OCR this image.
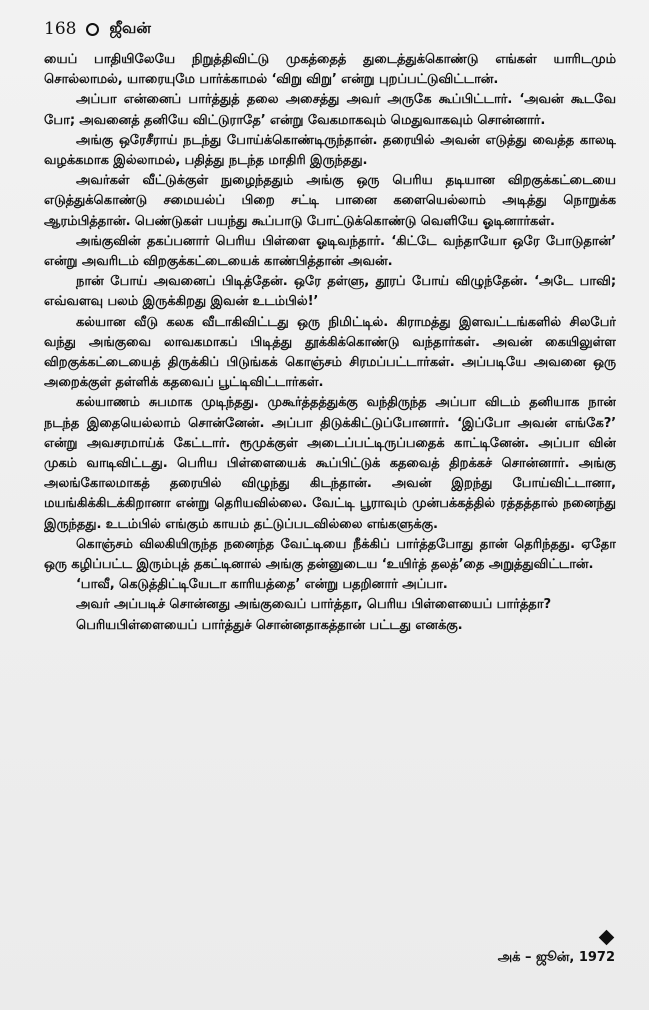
168 ஜீவன்

யைப் பாதியிலேயே நிறுத்திவிட்டு முகத்தைத் துடைத்துக்கொண்டு எங்கள் யாரிடமும் சொல்லாமல், யாரையுமே பார்க்காமல் ‘விறு விறு’ என்று புறப்பட்டுவிட்டான்.

அப்பா என்னைப் பார்த்துத் தலை அசைத்து அவர் அருகே கூப்பிட்டார். ‘அவன் கூடவே போ; அவனைத் தனியே விட்டுராதே’ என்று வேகமாகவும் மெதுவாகவும் சொன்னார்.

அங்கு ஒரேசீராய் நடந்து போய்க்கொண்டிருந்தான். தரையில் அவன் எடுத்து வைத்த காலடி வழக்கமாக இல்லாமல், பதித்து நடந்த மாதிரி இருந்தது.

அவர்கள் வீட்டுக்குள் நுழைந்ததும் அங்கு ஒரு பெரிய தடியான விறகுக்கட்டையை எடுத்துக்கொண்டு சமையல்ப் பிறை சட்டி பானை களையெல்லாம் அடித்து நொறுக்க ஆரம்பித்தான். பெண்டுகள் பயந்து கூப்பாடு போட்டுக்கொண்டு வெளியே ஓடினார்கள்.

அங்குவின் தகப்பனார் பெரிய பிள்ளை ஓடிவந்தார். ‘கிட்டே வந்தாயோ ஒரே போடுதான்’ என்று அவரிடம் விறகுக்கட்டையைக் காண்பித்தான் அவன்.

நான் போய் அவனைப் பிடித்தேன். ஒரே தள்ளு, தூரப் போய் விழுந்தேன். ‘அடே பாவி; எவ்வளவு பலம் இருக்கிறது இவன் உடம்பில்!’

கல்யான வீடு கலக வீடாகிவிட்டது ஒரு நிமிட்டில். கிராமத்து இளவட்டங்களில் சிலபேர் வந்து அங்குவை லாவகமாகப் பிடித்து தூக்கிக்கொண்டு வந்தார்கள். அவன் கையிலுள்ள விறகுக்கட்டையைத் திருக்கிப் பிடுங்கக் கொஞ்சம் சிரமப்பட்டார்கள். அப்படியே அவனை ஒரு அறைக்குள் தள்ளிக் கதவைப் பூட்டிவிட்டார்கள்.

கல்யாணம் சுபமாக முடிந்தது. முகூர்த்தத்துக்கு வந்திருந்த அப்பா விடம் தனியாக நான் நடந்த இதையெல்லாம் சொன்னேன். அப்பா திடுக்கிட்டுப்போனார். ‘இப்போ அவன் எங்கே?’ என்று அவசரமாய்க் கேட்டார். ரூமுக்குள் அடைப்பட்டிருப்பதைக் காட்டினேன். அப்பா வின் முகம் வாடிவிட்டது. பெரிய பிள்ளையைக் கூப்பிட்டுக் கதவைத் திறக்கச் சொன்னார். அங்கு அலங்கோலமாகத் தரையில் விழுந்து கிடந்தான். அவன் இறந்து போய்விட்டானா, மயங்கிக்கிடக்கிறானா என்று தெரியவில்லை. வேட்டி பூராவும் முன்பக்கத்தில் ரத்தத்தால் நனைந்து இருந்தது. உடம்பில் எங்கும் காயம் தட்டுப்படவில்லை எங்களுக்கு.

கொஞ்சம் விலகியிருந்த நனைந்த வேட்டியை நீக்கிப் பார்த்தபோது தான் தெரிந்தது. ஏதோ ஒரு கழிப்பட்ட இரும்புத் தகட்டினால் அங்கு தன்னுடைய ‘உயிர்த் தலத்’தை அறுத்துவிட்டான்.

‘பாவீ, கெடுத்திட்டியேடா காரியத்தை’ என்று பதறினார் அப்பா.

அவர் அப்படிச் சொன்னது அங்குவைப் பார்த்தா, பெரிய பிள்ளையைப் பார்த்தா?

பெரியபிள்ளையைப் பார்த்துச் சொன்னதாகத்தான் பட்டது எனக்கு.

அக் – ஜூன், 1972
